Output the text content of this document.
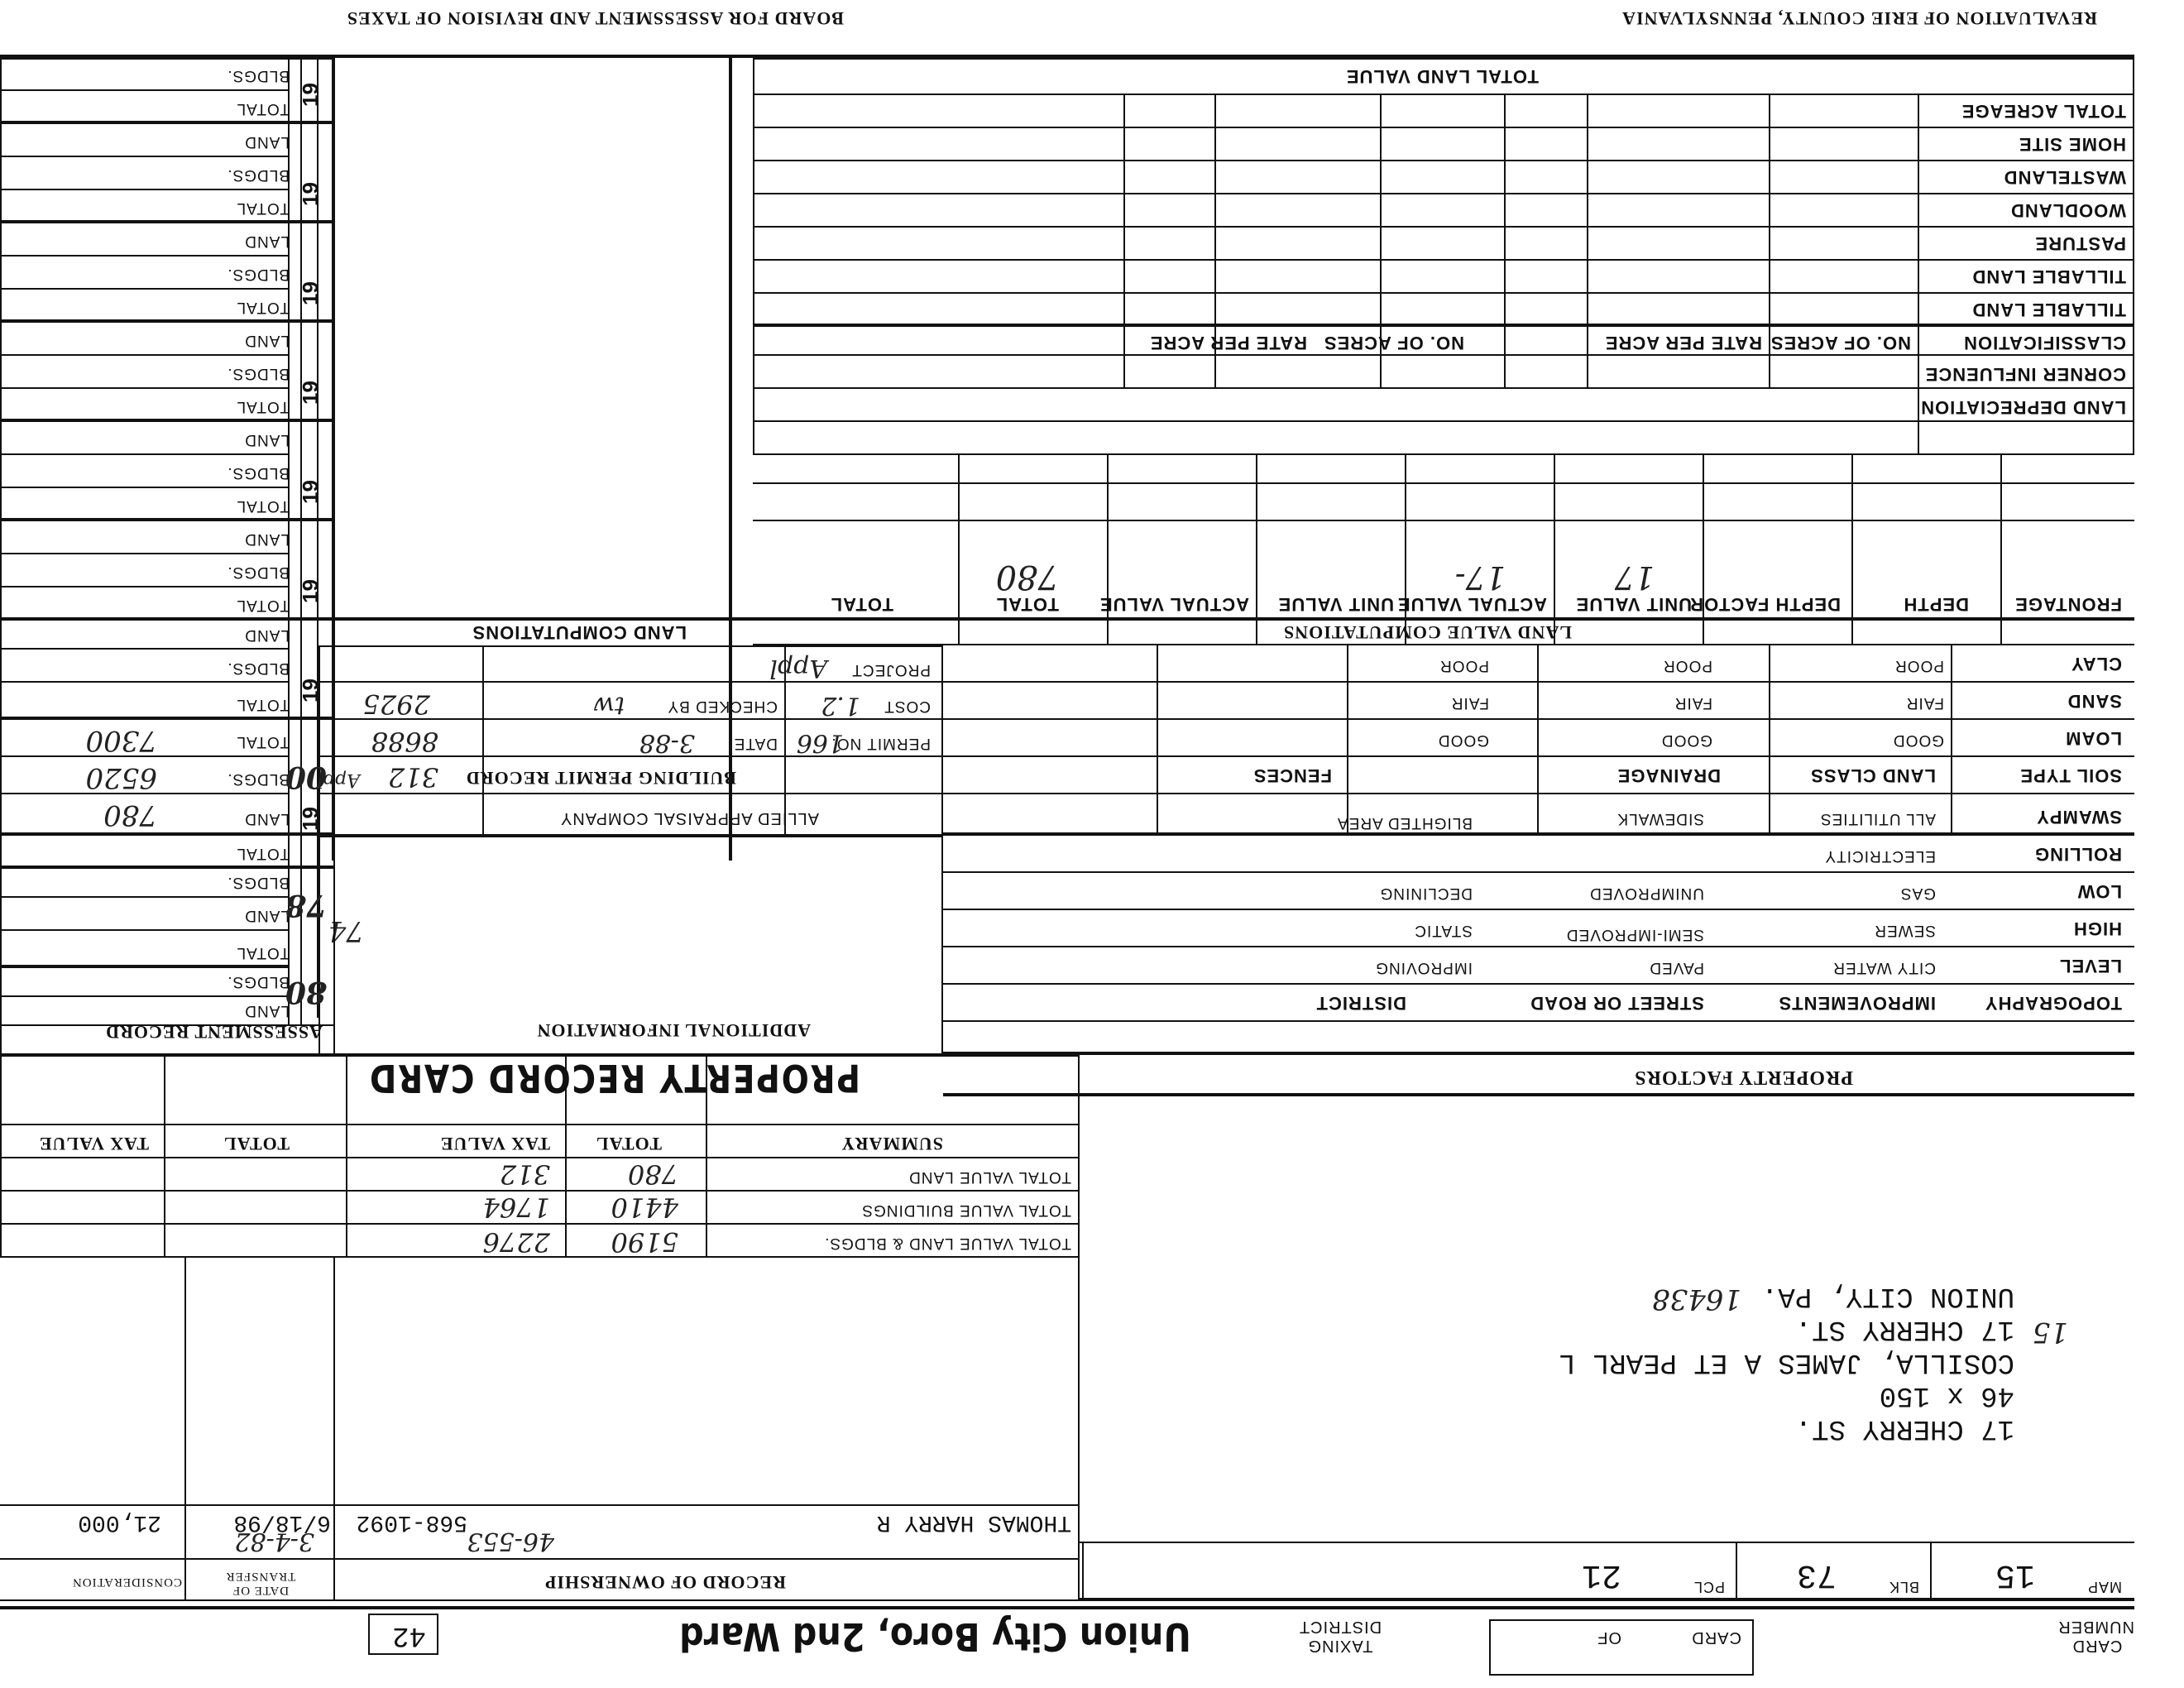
REVALUATION OF ERIE COUNTY, PENNSYLVANIA
BOARD FOR ASSESSMENT AND REVISION OF TAXES
TOTAL LAND VALUE
TOTAL ACREAGE
HOME SITE
WASTELAND
WOODLAND
PASTURE
TILLABLE LAND
TILLABLE LAND
CLASSIFICATION
NO. OF ACRES
RATE PER ACRE
NO. OF ACRES
RATE PER ACRE
CORNER INFLUENCE
LAND DEPRECIATION
FRONTAGE
DEPTH
DEPTH FACTOR
UNIT VALUE
ACTUAL VALUE
UNIT VALUE
ACTUAL VALUE
TOTAL
TOTAL
LAND VALUE COMPUTATIONS
LAND COMPUTATIONS
17
17-
780
CLAY
POOR
POOR
POOR
SAND
FAIR
FAIR
FAIR
LOAM
GOOD
GOOD
GOOD
SOIL TYPE
LAND CLASS
DRAINAGE
FENCES
SWAMPY
ALL UTILITIES
SIDEWALK
BLIGHTED AREA
ROLLING
ELECTRICITY
LOW
GAS
UNIMPROVED
DECLINING
HIGH
SEWER
SEMI-IMPROVED
STATIC
LEVEL
CITY WATER
PAVED
IMPROVING
TOPOGRAPHY
IMPROVEMENTS
STREET OR ROAD
DISTRICT
PROPERTY FACTORS
PROJECT
Appl
COST
1.2
PERMIT NO.
166
CHECKED BY
tw
2925
DATE
3-88
8688
BUILDING PERMIT RECORD
312
ALLIED APPRAISAL COMPANY
ADDITIONAL INFORMATION
74
PROPERTY RECORD CARD
ASSESSMENT RECORD
LAND
BLDGS.
TOTAL
80
LAND
BLDGS.
TOTAL
78
LAND
780
BLDGS.
6520
TOTAL
7300
00
Appl
TOTAL
BLDGS.
LAND
TOTAL
BLDGS.
LAND
TOTAL
BLDGS.
LAND
TOTAL
BLDGS.
LAND
TOTAL
BLDGS.
LAND
TOTAL
BLDGS.
LAND
TOTAL
BLDGS.
19
19
19
19
19
19
19
19
TOTAL VALUE LAND & BLDGS.
TOTAL VALUE BUILDINGS
TOTAL VALUE LAND
SUMMARY
TOTAL
TAX VALUE
TOTAL
TAX VALUE
5190
4410
780
2276
1764
312
17 CHERRY ST.
46 x 150
COSILLA, JAMES A ET PEARL L
15
17 CHERRY ST.
UNION CITY, PA.
16438
RECORD OF OWNERSHIP
DATE OF TRANSFER
CONSIDERATION
46-553
3-4-82
THOMAS HARRY R
568-1092
6/18/98
21,000
MAP
15
BLK
73
PCL
21
CARD NUMBER
CARD
OF
TAXING DISTRICT
Union City Boro, 2nd Ward
42
